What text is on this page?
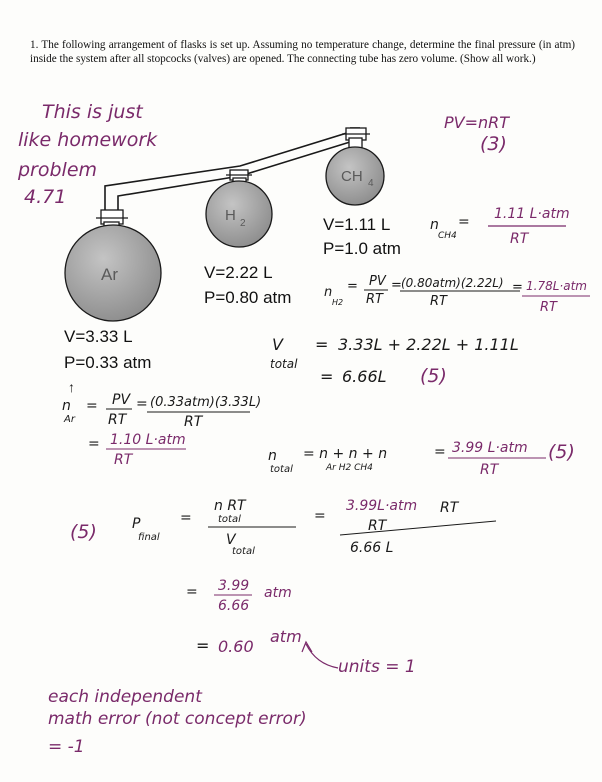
1. The following arrangement of flasks is set up. Assuming no temperature change, determine the final pressure (in atm) inside the system after all stopcocks (valves) are opened. The connecting tube has zero volume. (Show all work.)
Ar
H 2
CH 4
V=3.33 L
P=0.33 atm
V=2.22 L
P=0.80 atm
V=1.11 L
P=1.0 atm
This is just
like homework
problem
4.71
PV=nRT
(3)
n
CH4
= 1.11 L·atm
RT
n
H2
= PV
RT
= (0.80atm)(2.22L)
RT
= 1.78L·atm
RT
V
total
= 3.33L + 2.22L + 1.11L
= 6.66L (5)
↑
n
Ar
= PV
RT
= (0.33atm)(3.33L)
RT
= 1.10 L·atm
RT	n
total
= n + n + n
Ar H2 CH4
= 3.99 L·atm
RT
(5)
(5)	P
final
=
n RT
total
V
total
=
3.99L·atm RT
RT
6.66 L
= 3.99
6.66
atm
= 0.60
atm
units = 1
each independent
math error (not concept error)
= -1
